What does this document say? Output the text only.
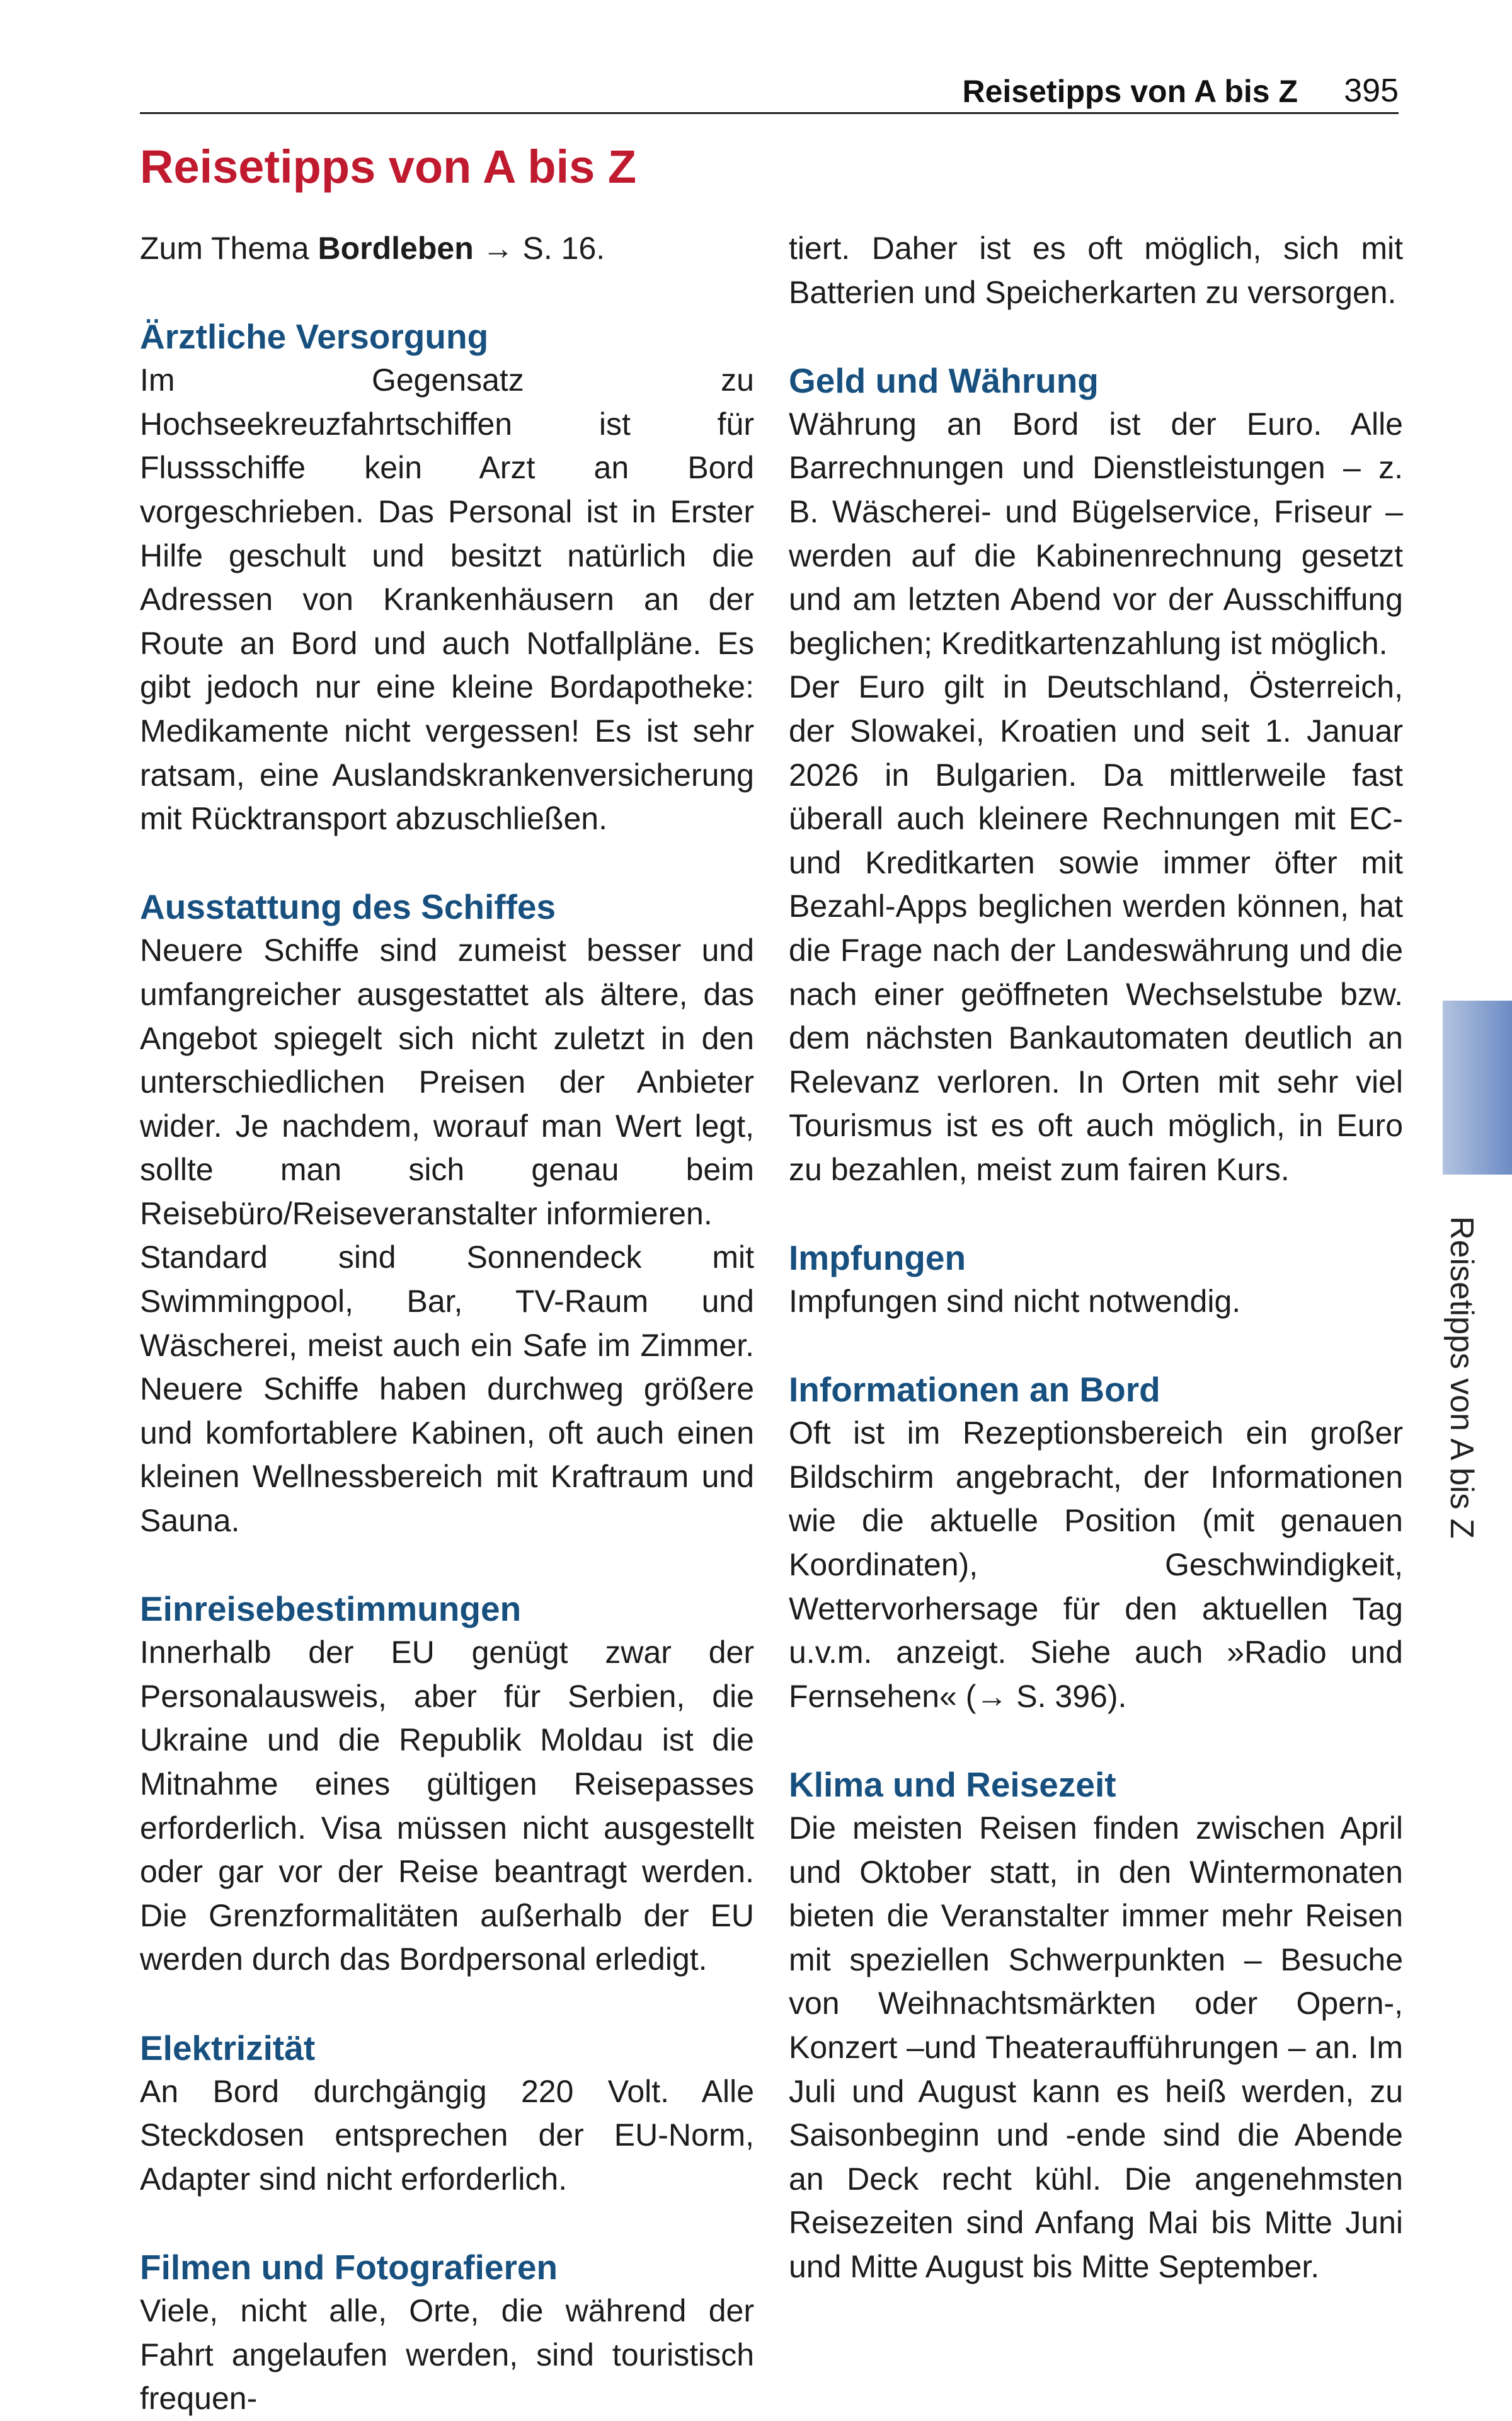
Reisetipps von A bis Z 395
Reisetipps von A bis Z

Zum Thema Bordleben → S. 16.

Ärztliche Versorgung

Im Gegensatz zu Hochseekreuzfahrtschiffen ist für Flussschiffe kein Arzt an Bord vorgeschrieben. Das Personal ist in Erster Hilfe geschult und besitzt natürlich die Adressen von Krankenhäusern an der Route an Bord und auch Notfallpläne. Es gibt jedoch nur eine kleine Bordapotheke: Medikamente nicht vergessen! Es ist sehr ratsam, eine Auslandskrankenversicherung mit Rücktransport abzuschließen.

Ausstattung des Schiffes

Neuere Schiffe sind zumeist besser und umfangreicher ausgestattet als ältere, das Angebot spiegelt sich nicht zuletzt in den unterschiedlichen Preisen der Anbieter wider. Je nachdem, worauf man Wert legt, sollte man sich genau beim Reisebüro/Reiseveranstalter informieren.

Standard sind Sonnendeck mit Swimmingpool, Bar, TV-Raum und Wäscherei, meist auch ein Safe im Zimmer. Neuere Schiffe haben durchweg größere und komfortablere Kabinen, oft auch einen kleinen Wellnessbereich mit Kraftraum und Sauna.

Einreisebestimmungen

Innerhalb der EU genügt zwar der Personalausweis, aber für Serbien, die Ukraine und die Republik Moldau ist die Mitnahme eines gültigen Reisepasses erforderlich. Visa müssen nicht ausgestellt oder gar vor der Reise beantragt werden. Die Grenzformalitäten außerhalb der EU werden durch das Bordpersonal erledigt.

Elektrizität

An Bord durchgängig 220 Volt. Alle Steckdosen entsprechen der EU-Norm, Adapter sind nicht erforderlich.

Filmen und Fotografieren

Viele, nicht alle, Orte, die während der Fahrt angelaufen werden, sind touristisch frequen-

tiert. Daher ist es oft möglich, sich mit Batterien und Speicherkarten zu versorgen.

Geld und Währung

Währung an Bord ist der Euro. Alle Barrechnungen und Dienstleistungen – z. B. Wäscherei- und Bügelservice, Friseur – werden auf die Kabinenrechnung gesetzt und am letzten Abend vor der Ausschiffung beglichen; Kreditkartenzahlung ist möglich.

Der Euro gilt in Deutschland, Österreich, der Slowakei, Kroatien und seit 1. Januar 2026 in Bulgarien. Da mittlerweile fast überall auch kleinere Rechnungen mit EC- und Kreditkarten sowie immer öfter mit Bezahl-Apps beglichen werden können, hat die Frage nach der Landeswährung und die nach einer geöffneten Wechselstube bzw. dem nächsten Bankautomaten deutlich an Relevanz verloren. In Orten mit sehr viel Tourismus ist es oft auch möglich, in Euro zu bezahlen, meist zum fairen Kurs.

Impfungen

Impfungen sind nicht notwendig.

Informationen an Bord

Oft ist im Rezeptionsbereich ein großer Bildschirm angebracht, der Informationen wie die aktuelle Position (mit genauen Koordinaten), Geschwindigkeit, Wettervorhersage für den aktuellen Tag u.v.m. anzeigt. Siehe auch »Radio und Fernsehen« (→ S. 396).

Klima und Reisezeit

Die meisten Reisen finden zwischen April und Oktober statt, in den Wintermonaten bieten die Veranstalter immer mehr Reisen mit speziellen Schwerpunkten – Besuche von Weihnachtsmärkten oder Opern-, Konzert –und Theateraufführungen – an. Im Juli und August kann es heiß werden, zu Saisonbeginn und -ende sind die Abende an Deck recht kühl. Die angenehmsten Reisezeiten sind Anfang Mai bis Mitte Juni und Mitte August bis Mitte September.

Reisetipps von A bis Z
